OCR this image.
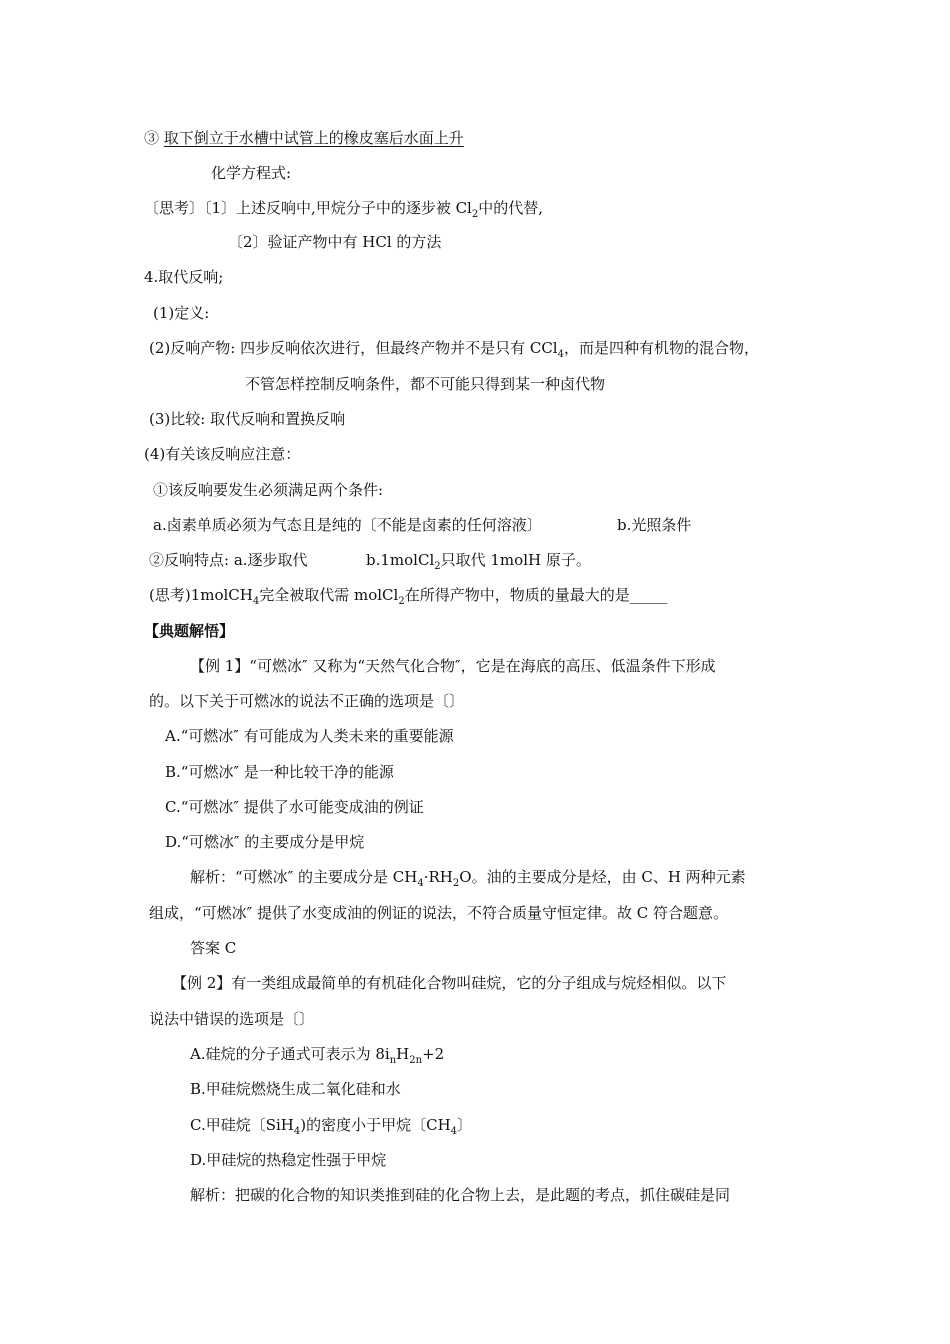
③ 取下倒立于水槽中试管上的橡皮塞后水面上升
化学方程式:
〔思考〕〔1〕上述反响中,甲烷分子中的逐步被 $Cl_2$中的代替,
〔2〕验证产物中有 HCl 的方法
4.取代反响;
(1)定义:
(2)反响产物: 四步反响依次进行，但最终产物并不是只有 CCl$_4$，而是四种有机物的混合物，
不管怎样控制反响条件，都不可能只得到某一种卤代物
(3)比较: 取代反响和置换反响
(4)有关该反响应注意：
①该反响要发生必须满足两个条件:
a.卤素单质必须为气态且是纯的〔不能是卤素的任何溶液〕	b.光照条件
②反响特点: a.逐步取代	b.1molCl$_2$只取代 1molH 原子。
(思考)1molCH$_4$完全被取代需 molCl$_2$在所得产物中，物质的量最大的是_____
【典题解悟】
【例 1】“可燃冰″ 又称为“天然气化合物″，它是在海底的高压、低温条件下形成
的。以下关于可燃冰的说法不正确的选项是〔〕
A.“可燃冰″ 有可能成为人类未来的重要能源
B.“可燃冰″ 是一种比较干净的能源
C.“可燃冰″ 提供了水可能变成油的例证
D.“可燃冰″ 的主要成分是甲烷
解析：“可燃冰″ 的主要成分是 $CH_4\cdot RH_2O$。油的主要成分是烃，由 C、H 两种元素
组成，“可燃冰″ 提供了水变成油的例证的说法，不符合质量守恒定律。故 C 符合题意。
答案 C
【例 2】有一类组成最简单的有机硅化合物叫硅烷，它的分子组成与烷烃相似。以下
说法中错误的选项是〔〕
A.硅烷的分子通式可表示为 $8i_nH_{2n}+2$
B.甲硅烷燃烧生成二氧化硅和水
C.甲硅烷〔SiH$_4$)的密度小于甲烷〔$CH_4$〕
D.甲硅烷的热稳定性强于甲烷
解析：把碳的化合物的知识类推到硅的化合物上去，是此题的考点，抓住碳硅是同
